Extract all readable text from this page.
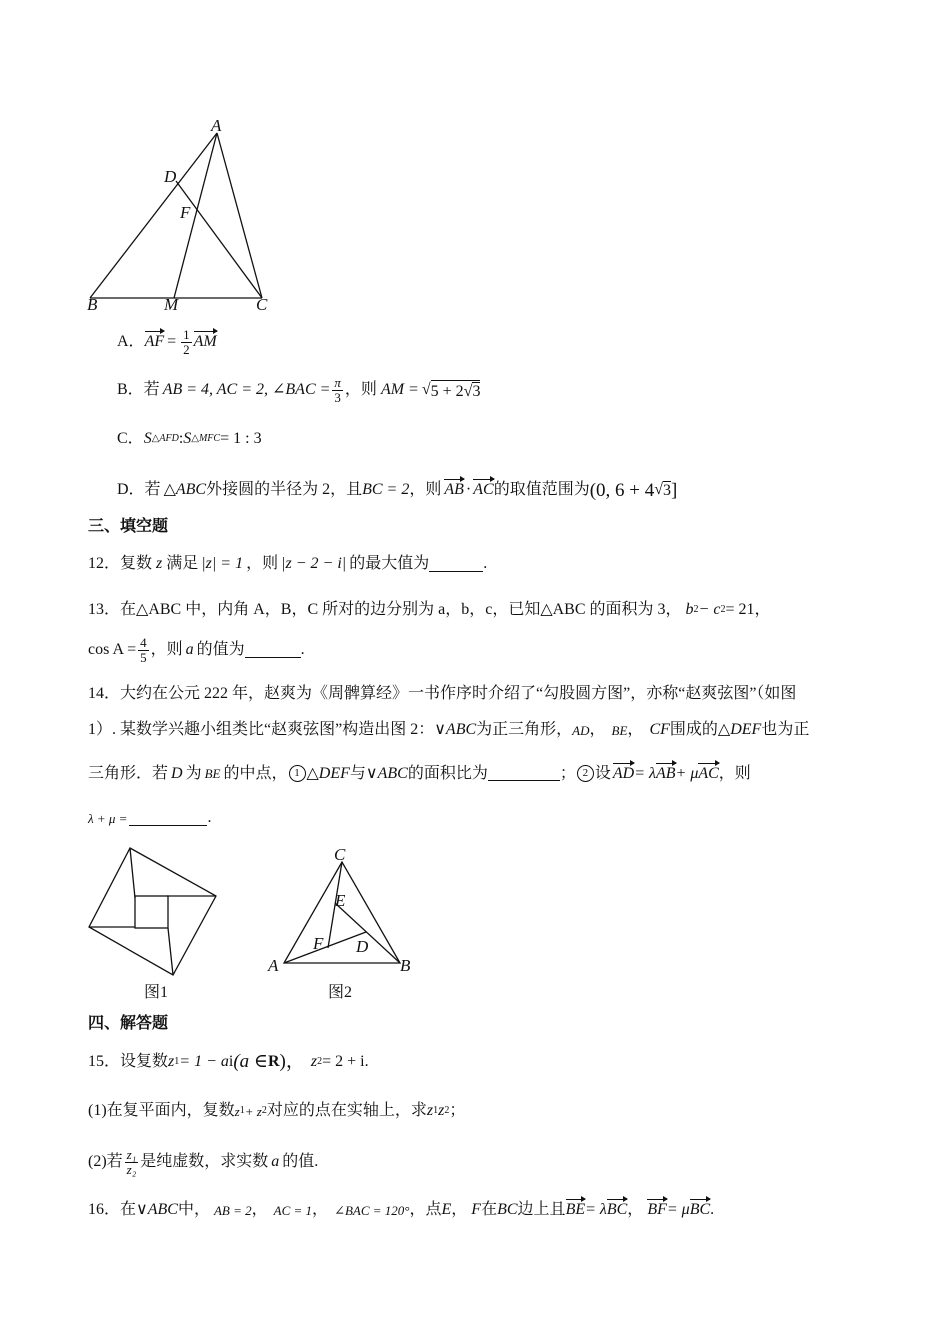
A
D
F
B	M	C
A． AF = $\frac{1}{2}$ AM
B．若 AB = 4, AC = 2, ∠BAC = $\frac{\pi}{3}$ ，则 AM = √ 5 + 2√3
C． S △AFD : S △MFC = 1 : 3
D．若 △ABC 外接圆的半径为 2，且 BC = 2 ，则 AB · AC 的取值范围为 (0, 6 + 4 √ 3 ]
三、填空题
12． 复数 z 满足 |z| = 1 ，则 |z − 2 − i| 的最大值为	.
13． 在△ABC 中，内角 A，B，C 所对的边分别为 a，b，c，已知△ABC 的面积为 3， b 2 − c 2 = 21，
$\cos A = \frac{4}{5}$ ，则 a 的值为	.
14．大约在公元 222 年，赵爽为《周髀算经》一书作序时介绍了“勾股圆方图”，亦称“赵爽弦图”（如图
1）. 某数学兴趣小组类比“赵爽弦图”构造出图 2： ∨ABC 为正三角形， AD ， BE ， CF 围成的 △DEF 也为正
三角形．若 D 为 BE 的中点， 1 △DEF 与 ∨ABC 的面积比为	； 2 设 AD = λ AB + μ AC ，则
λ + μ =	.
图1
C
E
F D
A	B
图2
四、解答题
15． 设复数 z 1 = 1 − a i (a ∈ R )， z 2 = 2 + i.
(1)在复平面内，复数 z 1 + z 2 对应的点在实轴上，求 z 1 z 2 ；
(2)若 $\frac{\text{z₁}}{\text{z₂}}$ 是纯虚数，求实数 a 的值.
16． 在 ∨ABC 中， AB = 2 ， AC = 1 ， ∠BAC = 120° ，点 E ， F 在 BC 边上且 BE = λ BC ， BF = μ BC .
